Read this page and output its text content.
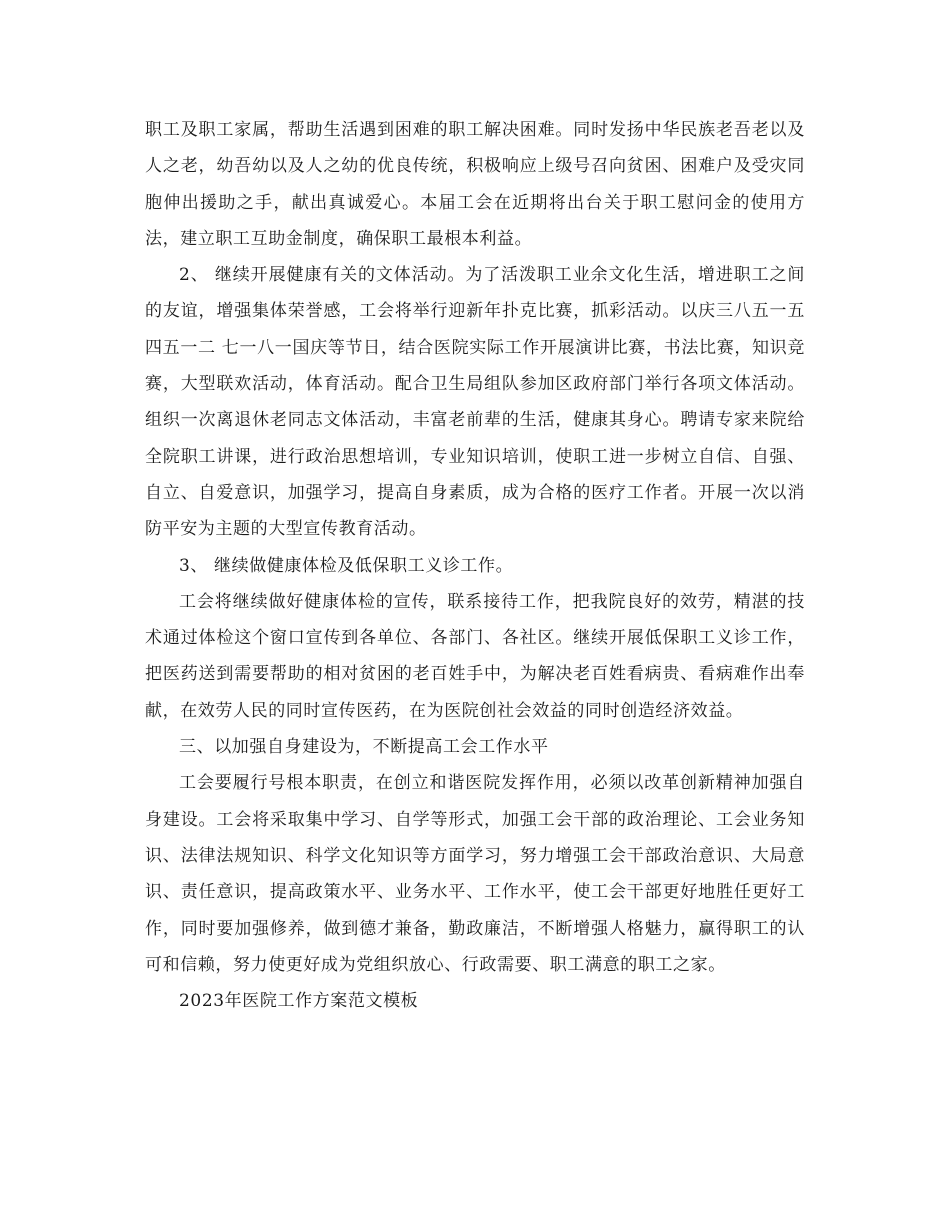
职工及职工家属，帮助生活遇到困难的职工解决困难。同时发扬中华民族老吾老以及人之老，幼吾幼以及人之幼的优良传统，积极响应上级号召向贫困、困难户及受灾同胞伸出援助之手，献出真诚爱心。本届工会在近期将出台关于职工慰问金的使用方法，建立职工互助金制度，确保职工最根本利益。

2、 继续开展健康有关的文体活动。为了活泼职工业余文化生活，增进职工之间的友谊，增强集体荣誉感，工会将举行迎新年扑克比赛，抓彩活动。以庆三八五一五四五一二 七一八一国庆等节日，结合医院实际工作开展演讲比赛，书法比赛，知识竞赛，大型联欢活动，体育活动。配合卫生局组队参加区政府部门举行各项文体活动。组织一次离退休老同志文体活动，丰富老前辈的生活，健康其身心。聘请专家来院给全院职工讲课，进行政治思想培训，专业知识培训，使职工进一步树立自信、自强、自立、自爱意识，加强学习，提高自身素质，成为合格的医疗工作者。开展一次以消防平安为主题的大型宣传教育活动。

3、 继续做健康体检及低保职工义诊工作。

工会将继续做好健康体检的宣传，联系接待工作，把我院良好的效劳，精湛的技术通过体检这个窗口宣传到各单位、各部门、各社区。继续开展低保职工义诊工作，把医药送到需要帮助的相对贫困的老百姓手中，为解决老百姓看病贵、看病难作出奉献，在效劳人民的同时宣传医药，在为医院创社会效益的同时创造经济效益。

三、以加强自身建设为，不断提高工会工作水平

工会要履行号根本职责，在创立和谐医院发挥作用，必须以改革创新精神加强自身建设。工会将采取集中学习、自学等形式，加强工会干部的政治理论、工会业务知识、法律法规知识、科学文化知识等方面学习，努力增强工会干部政治意识、大局意识、责任意识，提高政策水平、业务水平、工作水平，使工会干部更好地胜任更好工作，同时要加强修养，做到德才兼备，勤政廉洁，不断增强人格魅力，赢得职工的认可和信赖，努力使更好成为党组织放心、行政需要、职工满意的职工之家。

2023年医院工作方案范文模板
